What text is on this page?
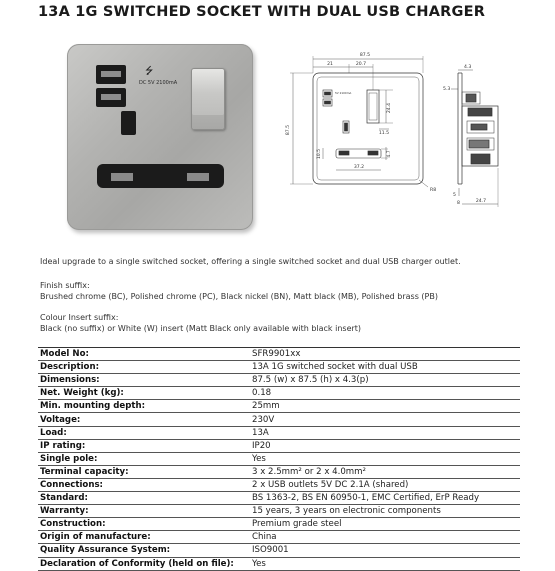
13A 1G SWITCHED SOCKET WITH DUAL USB CHARGER
⭍
DC 5V 2100mA
87.5
21	20.7
87.5
24.4
11.5
10.5	4.7
37.2
5V 2100mA
R8
4.3
5.3
24.7
5
8
Ideal upgrade to a single switched socket, offering a single switched socket and dual USB charger outlet.
Finish suffix:
Brushed chrome (BC), Polished chrome (PC), Black nickel (BN), Matt black (MB), Polished brass (PB)
Colour Insert suffix:
Black (no suffix) or White (W) insert (Matt Black only available with black insert)
Model No:	SFR9901xx
Description:	13A 1G switched socket with dual USB
Dimensions:	87.5 (w) x 87.5 (h) x 4.3(p)
Net. Weight (kg):	0.18
Min. mounting depth:	25mm
Voltage:	230V
Load:	13A
IP rating:	IP20
Single pole:	Yes
Terminal capacity:	3 x 2.5mm² or 2 x 4.0mm²
Connections:	2 x USB outlets 5V DC 2.1A (shared)
Standard:	BS 1363-2, BS EN 60950-1, EMC Certified, ErP Ready
Warranty:	15 years, 3 years on electronic components
Construction:	Premium grade steel
Origin of manufacture:	China
Quality Assurance System:	ISO9001
Declaration of Conformity (held on file):	Yes
